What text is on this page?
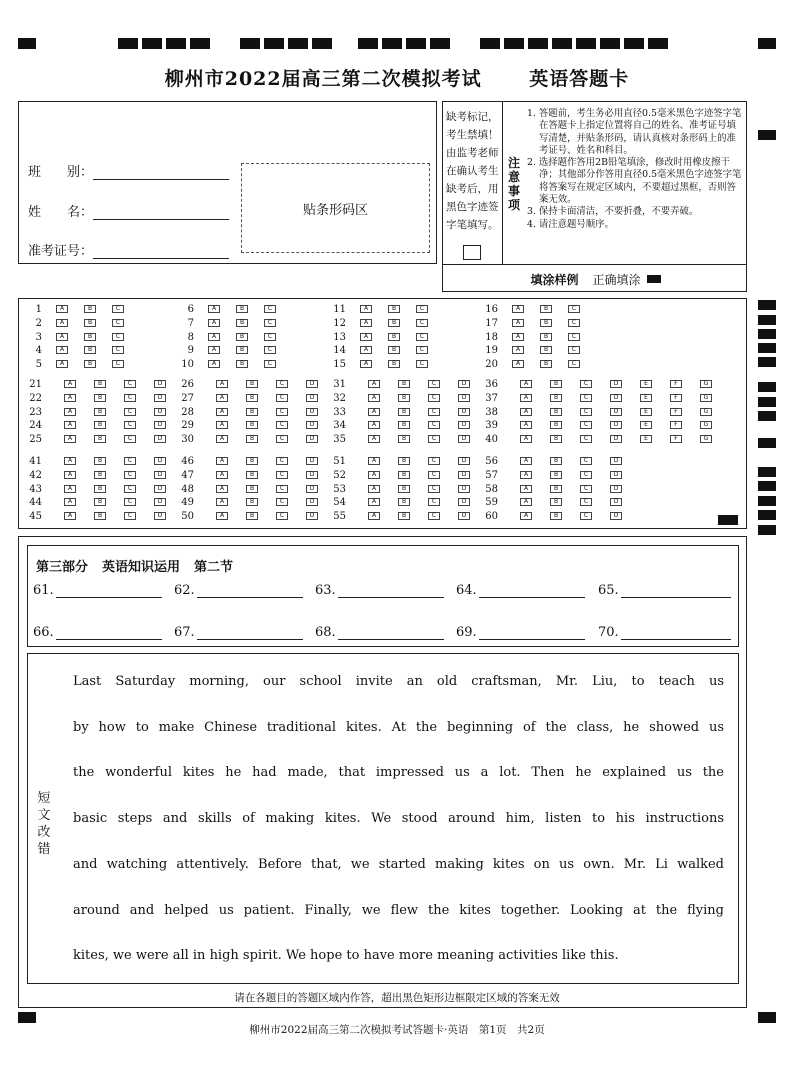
柳州市2022届高三第二次模拟考试	英语答题卡
班　　别：
姓　　名：
准考证号：
贴条形码区
缺考标记，
考生禁填！
由监考老师
在确认考生
缺考后，用
黑色字迹签
字笔填写。
注意事项
1. 答题前，考生务必用直径0.5毫米黑色字迹签字笔在答题卡上指定位置将自己的姓名、准考证号填写清楚，并贴条形码，请认真核对条形码上的准考证号、姓名和科目。
2. 选择题作答用2B铅笔填涂，修改时用橡皮擦干净；其他部分作答用直径0.5毫米黑色字迹签字笔将答案写在规定区域内，不要超过黑框，否则答案无效。
3. 保持卡面清洁，不要折叠，不要弄破。
4. 请注意题号顺序。
填涂样例 正确填涂
1	A	B	C
2	A	B	C
3	A	B	C
4	A	B	C
5	A	B	C
6	A	B	C
7	A	B	C
8	A	B	C
9	A	B	C
10	A	B	C
11	A	B	C
12	A	B	C
13	A	B	C
14	A	B	C
15	A	B	C
16	A	B	C
17	A	B	C
18	A	B	C
19	A	B	C
20	A	B	C
21	A	B	C	D
22	A	B	C	D
23	A	B	C	D
24	A	B	C	D
25	A	B	C	D
26	A	B	C	D
27	A	B	C	D
28	A	B	C	D
29	A	B	C	D
30	A	B	C	D
31	A	B	C	D
32	A	B	C	D
33	A	B	C	D
34	A	B	C	D
35	A	B	C	D
36	A	B	C	D	E	F	G
37	A	B	C	D	E	F	G
38	A	B	C	D	E	F	G
39	A	B	C	D	E	F	G
40	A	B	C	D	E	F	G
41	A	B	C	D
42	A	B	C	D
43	A	B	C	D
44	A	B	C	D
45	A	B	C	D
46	A	B	C	D
47	A	B	C	D
48	A	B	C	D
49	A	B	C	D
50	A	B	C	D
51	A	B	C	D
52	A	B	C	D
53	A	B	C	D
54	A	B	C	D
55	A	B	C	D
56	A	B	C	D
57	A	B	C	D
58	A	B	C	D
59	A	B	C	D
60	A	B	C	D
第三部分 英语知识运用 第二节
61.	62.	63.	64.	65.
66.	67.	68.	69.	70.
短文改错
Last Saturday morning, our school invite an old craftsman, Mr. Liu, to teach us
by how to make Chinese traditional kites. At the beginning of the class, he showed us
the wonderful kites he had made, that impressed us a lot. Then he explained us the
basic steps and skills of making kites. We stood around him, listen to his instructions
and watching attentively. Before that, we started making kites on us own. Mr. Li walked
around and helped us patient. Finally, we flew the kites together. Looking at the flying
kites, we were all in high spirit. We hope to have more meaning activities like this.
请在各题目的答题区域内作答，超出黑色矩形边框限定区域的答案无效
柳州市2022届高三第二次模拟考试答题卡·英语　第1页　共2页
